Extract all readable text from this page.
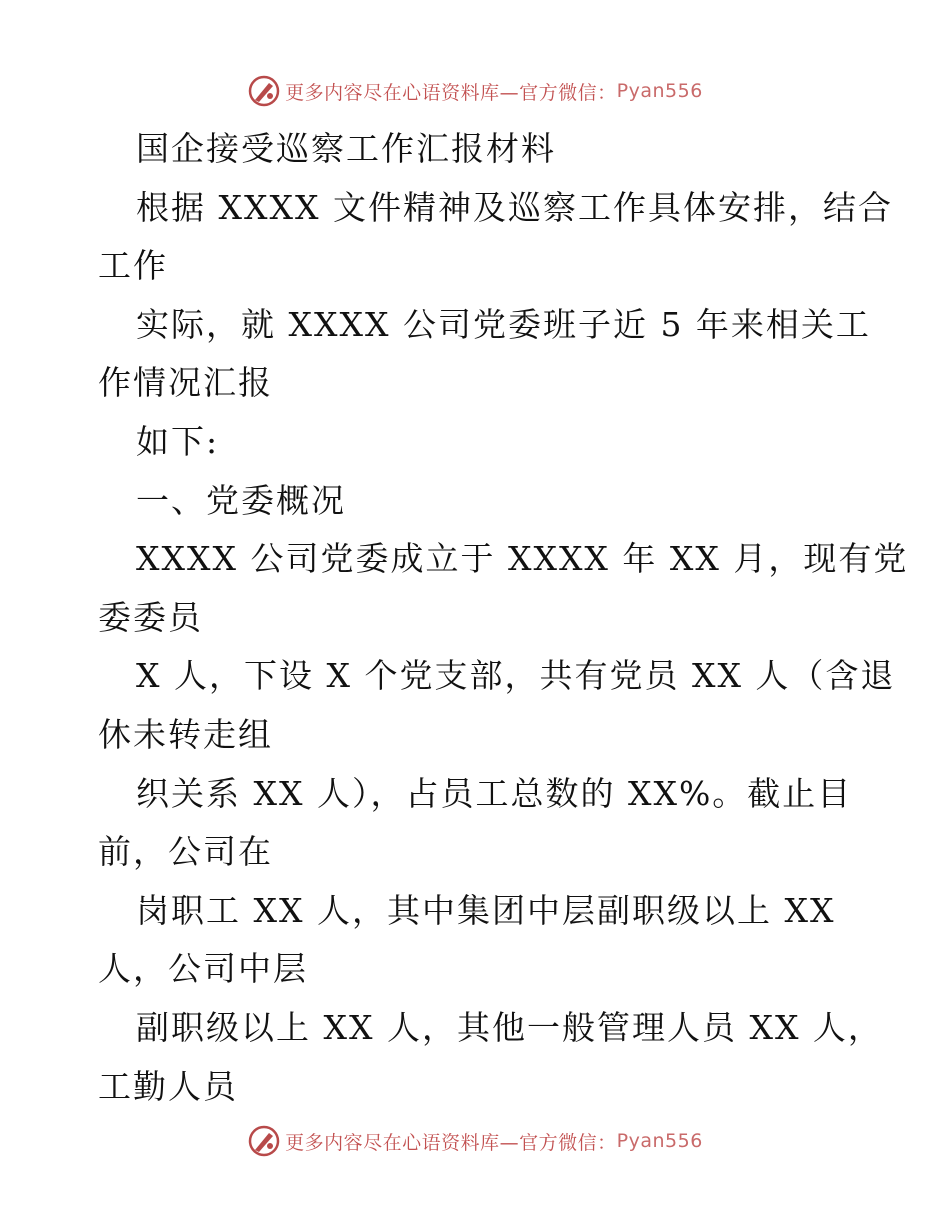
更多内容尽在心语资料库—官方微信： Pyan556
国企接受巡察工作汇报材料
根据 XXXX 文件精神及巡察工作具体安排，结合
工作
实际，就 XXXX 公司党委班子近 5 年来相关工
作情况汇报
如下:
一、党委概况
XXXX 公司党委成立于 XXXX 年 XX 月，现有党
委委员
X 人，下设 X 个党支部，共有党员 XX 人（含退
休未转走组
织关系 XX 人），占员工总数的 XX%。截止目
前，公司在
岗职工 XX 人，其中集团中层副职级以上 XX
人，公司中层
副职级以上 XX 人，其他一般管理人员 XX 人，
工勤人员
更多内容尽在心语资料库—官方微信： Pyan556
